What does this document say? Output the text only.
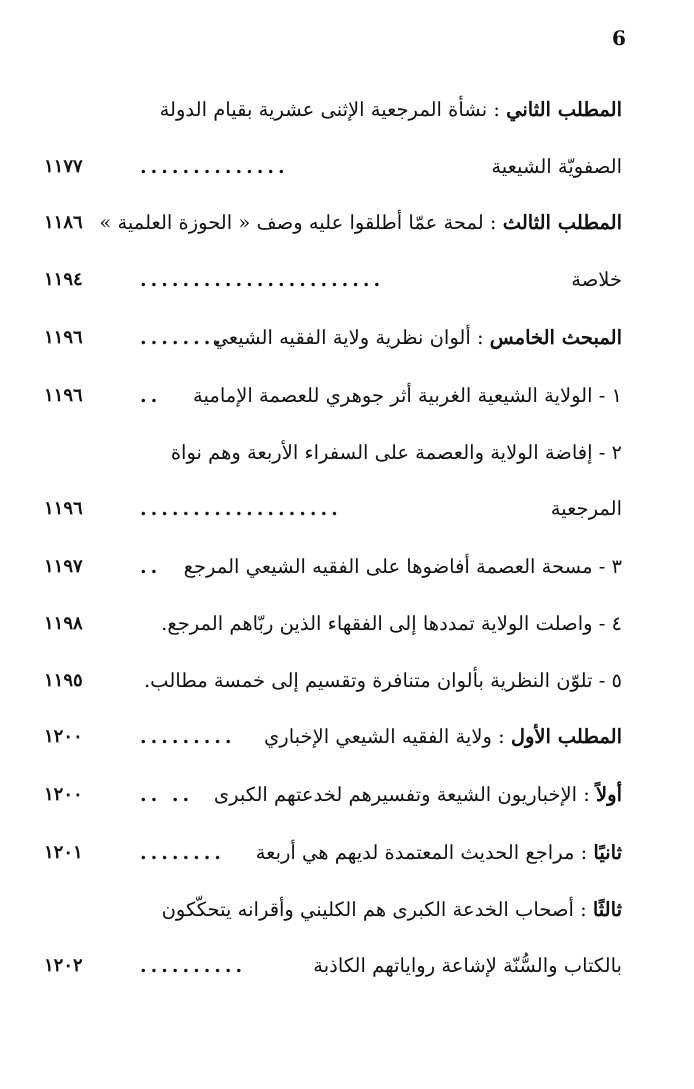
6
المطلب الثاني : نشأة المرجعية الإثنى عشرية بقيام الدولة
الصفويّة الشيعية
..............
١١٧٧
المطلب الثالث : لمحة عمّا أطلقوا عليه وصف « الحوزة العلمية »
١١٨٦
خلاصة
.......................
١١٩٤
المبحث الخامس : ألوان نظرية ولاية الفقيه الشيعي
........
١١٩٦
١ - الولاية الشيعية الغربية أثر جوهري للعصمة الإمامية
..
١١٩٦
٢ - إفاضة الولاية والعصمة على السفراء الأربعة وهم نواة
المرجعية
...................
١١٩٦
٣ - مسحة العصمة أفاضوها على الفقيه الشيعي المرجع
..
١١٩٧
٤ - واصلت الولاية تمددها إلى الفقهاء الذين ربّاهم المرجع.
١١٩٨
٥ - تلوّن النظرية بألوان متنافرة وتقسيم إلى خمسة مطالب.
١١٩٥
المطلب الأول : ولاية الفقيه الشيعي الإخباري
.........
١٢٠٠
أولاً : الإخباريون الشيعة وتفسيرهم لخدعتهم الكبرى
.. ..
١٢٠٠
ثانيًا : مراجع الحديث المعتمدة لديهم هي أربعة
........
١٢٠١
ثالثًا : أصحاب الخدعة الكبرى هم الكليني وأقرانه يتحكّكون
بالكتاب والسُّنّة لإشاعة رواياتهم الكاذبة
..........
١٢٠٢
